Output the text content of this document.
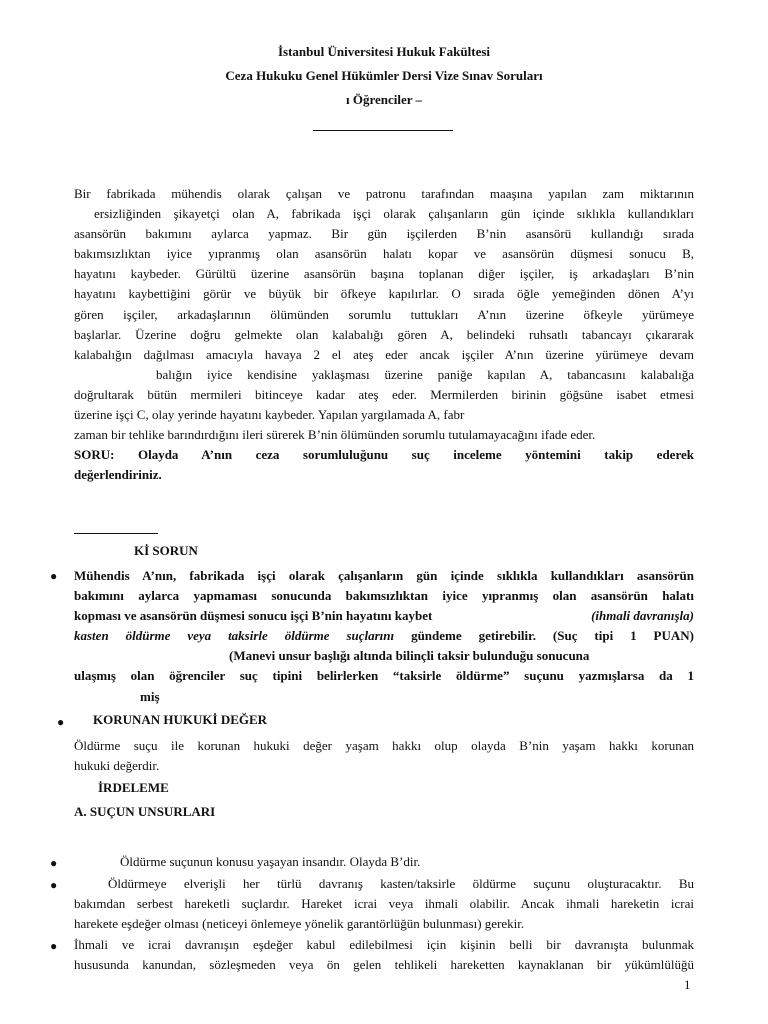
İstanbul Üniversitesi Hukuk Fakültesi
Ceza Hukuku Genel Hükümler Dersi Vize Sınav Soruları
ı Öğrenciler –
Bir fabrikada mühendis olarak çalışan ve patronu tarafından maaşına yapılan zam miktarının
ersizliğinden şikayetçi olan A, fabrikada işçi olarak çalışanların gün içinde sıklıkla kullandıkları
asansörün bakımını aylarca yapmaz. Bir gün işçilerden B’nin asansörü kullandığı sırada
bakımsızlıktan iyice yıpranmış olan asansörün halatı kopar ve asansörün düşmesi sonucu B,
hayatını kaybeder. Gürültü üzerine asansörün başına toplanan diğer işçiler, iş arkadaşları B’nin
hayatını kaybettiğini görür ve büyük bir öfkeye kapılırlar. O sırada öğle yemeğinden dönen A’yı
gören işçiler, arkadaşlarının ölümünden sorumlu tuttukları A’nın üzerine öfkeyle yürümeye
başlarlar. Üzerine doğru gelmekte olan kalabalığı gören A, belindeki ruhsatlı tabancayı çıkararak
kalabalığın dağılması amacıyla havaya 2 el ateş eder ancak işçiler A’nın üzerine yürümeye devam
balığın iyice kendisine yaklaşması üzerine paniğe kapılan A, tabancasını kalabalığa
doğrultarak bütün mermileri bitinceye kadar ateş eder. Mermilerden birinin göğsüne isabet etmesi
üzerine işçi C, olay yerinde hayatını kaybeder. Yapılan yargılamada A, fabr
zaman bir tehlike barındırdığını ileri sürerek B’nin ölümünden sorumlu tutulamayacağını ifade eder.
SORU: Olayda A’nın ceza sorumluluğunu suç inceleme yöntemini takip ederek
değerlendiriniz.
Kİ SORUN
● Mühendis A’nın, fabrikada işçi olarak çalışanların gün içinde sıklıkla kullandıkları asansörün
bakımını aylarca yapmaması sonucunda bakımsızlıktan iyice yıpranmış olan asansörün halatı
kopması ve asansörün düşmesi sonucu işçi B’nin hayatını kaybet	(ihmali davranışla)
kasten öldürme veya taksirle öldürme suçlarını gündeme getirebilir. (Suç tipi 1 PUAN)
(Manevi unsur başlığı altında bilinçli taksir bulunduğu sonucuna
ulaşmış olan öğrenciler suç tipini belirlerken “taksirle öldürme” suçunu yazmışlarsa da 1
miş
● KORUNAN HUKUKİ DEĞER
Öldürme suçu ile korunan hukuki değer yaşam hakkı olup olayda B’nin yaşam hakkı korunan
hukuki değerdir.
İRDELEME
A. SUÇUN UNSURLARI
●	Öldürme suçunun konusu yaşayan insandır. Olayda B’dir.
●	Öldürmeye elverişli her türlü davranış kasten/taksirle öldürme suçunu oluşturacaktır. Bu
bakımdan serbest hareketli suçlardır. Hareket icrai veya ihmali olabilir. Ancak ihmali hareketin icrai
harekete eşdeğer olması (neticeyi önlemeye yönelik garantörlüğün bulunması) gerekir.
● İhmali ve icrai davranışın eşdeğer kabul edilebilmesi için kişinin belli bir davranışta bulunmak
hususunda kanundan, sözleşmeden veya ön gelen tehlikeli hareketten kaynaklanan bir yükümlülüğü
1
